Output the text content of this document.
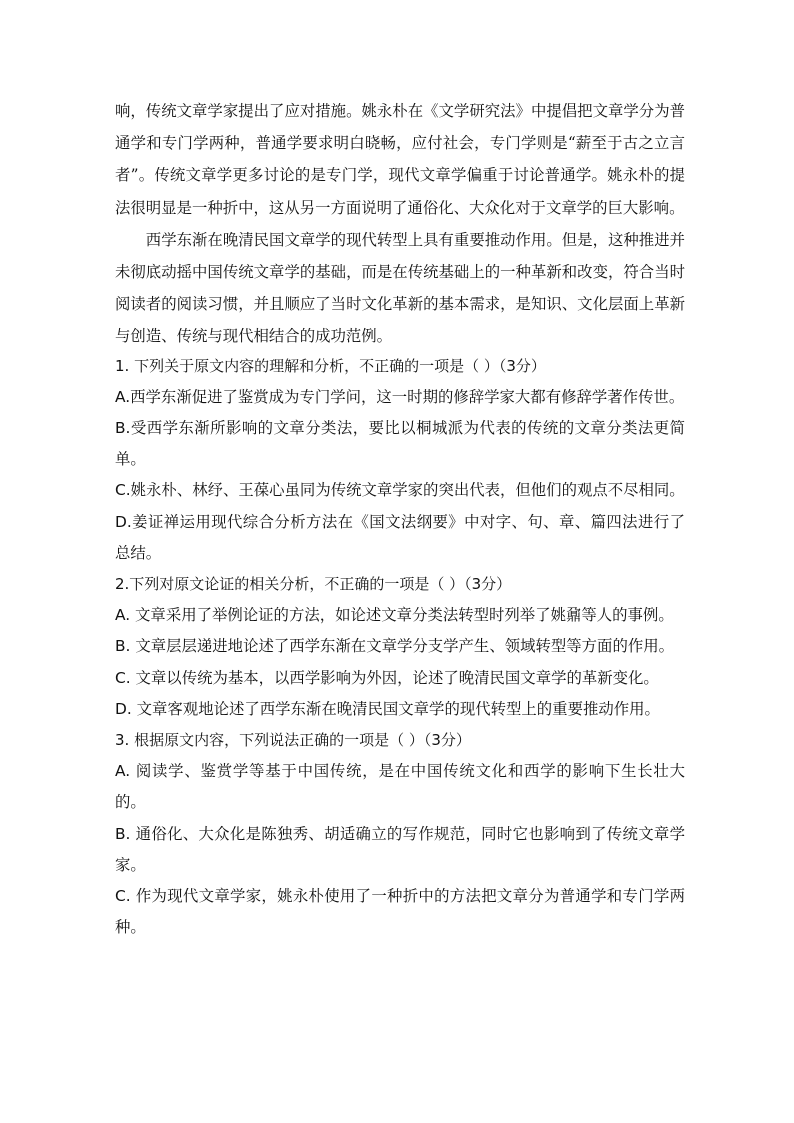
响，传统文章学家提出了应对措施。姚永朴在《文学研究法》中提倡把文章学分为普通学和专门学两种，普通学要求明白晓畅，应付社会，专门学则是“薪至于古之立言者”。传统文章学更多讨论的是专门学，现代文章学偏重于讨论普通学。姚永朴的提法很明显是一种折中，这从另一方面说明了通俗化、大众化对于文章学的巨大影响。

西学东渐在晚清民国文章学的现代转型上具有重要推动作用。但是，这种推进并未彻底动摇中国传统文章学的基础，而是在传统基础上的一种革新和改变，符合当时阅读者的阅读习惯，并且顺应了当时文化革新的基本需求，是知识、文化层面上革新与创造、传统与现代相结合的成功范例。

1. 下列关于原文内容的理解和分析，不正确的一项是（ ）（3分）

A.西学东渐促进了鉴赏成为专门学问，这一时期的修辞学家大都有修辞学著作传世。

B.受西学东渐所影响的文章分类法，要比以桐城派为代表的传统的文章分类法更简单。

C.姚永朴、林纾、王葆心虽同为传统文章学家的突出代表，但他们的观点不尽相同。

D.姜证禅运用现代综合分析方法在《国文法纲要》中对字、句、章、篇四法进行了总结。

2.下列对原文论证的相关分析，不正确的一项是（ ）（3分）

A. 文章采用了举例论证的方法，如论述文章分类法转型时列举了姚鼐等人的事例。

B. 文章层层递进地论述了西学东渐在文章学分支学产生、领域转型等方面的作用。

C. 文章以传统为基本，以西学影响为外因，论述了晚清民国文章学的革新变化。

D. 文章客观地论述了西学东渐在晚清民国文章学的现代转型上的重要推动作用。

3. 根据原文内容，下列说法正确的一项是（ ）（3分）

A. 阅读学、鉴赏学等基于中国传统，是在中国传统文化和西学的影响下生长壮大的。

B. 通俗化、大众化是陈独秀、胡适确立的写作规范，同时它也影响到了传统文章学家。

C. 作为现代文章学家，姚永朴使用了一种折中的方法把文章分为普通学和专门学两种。
